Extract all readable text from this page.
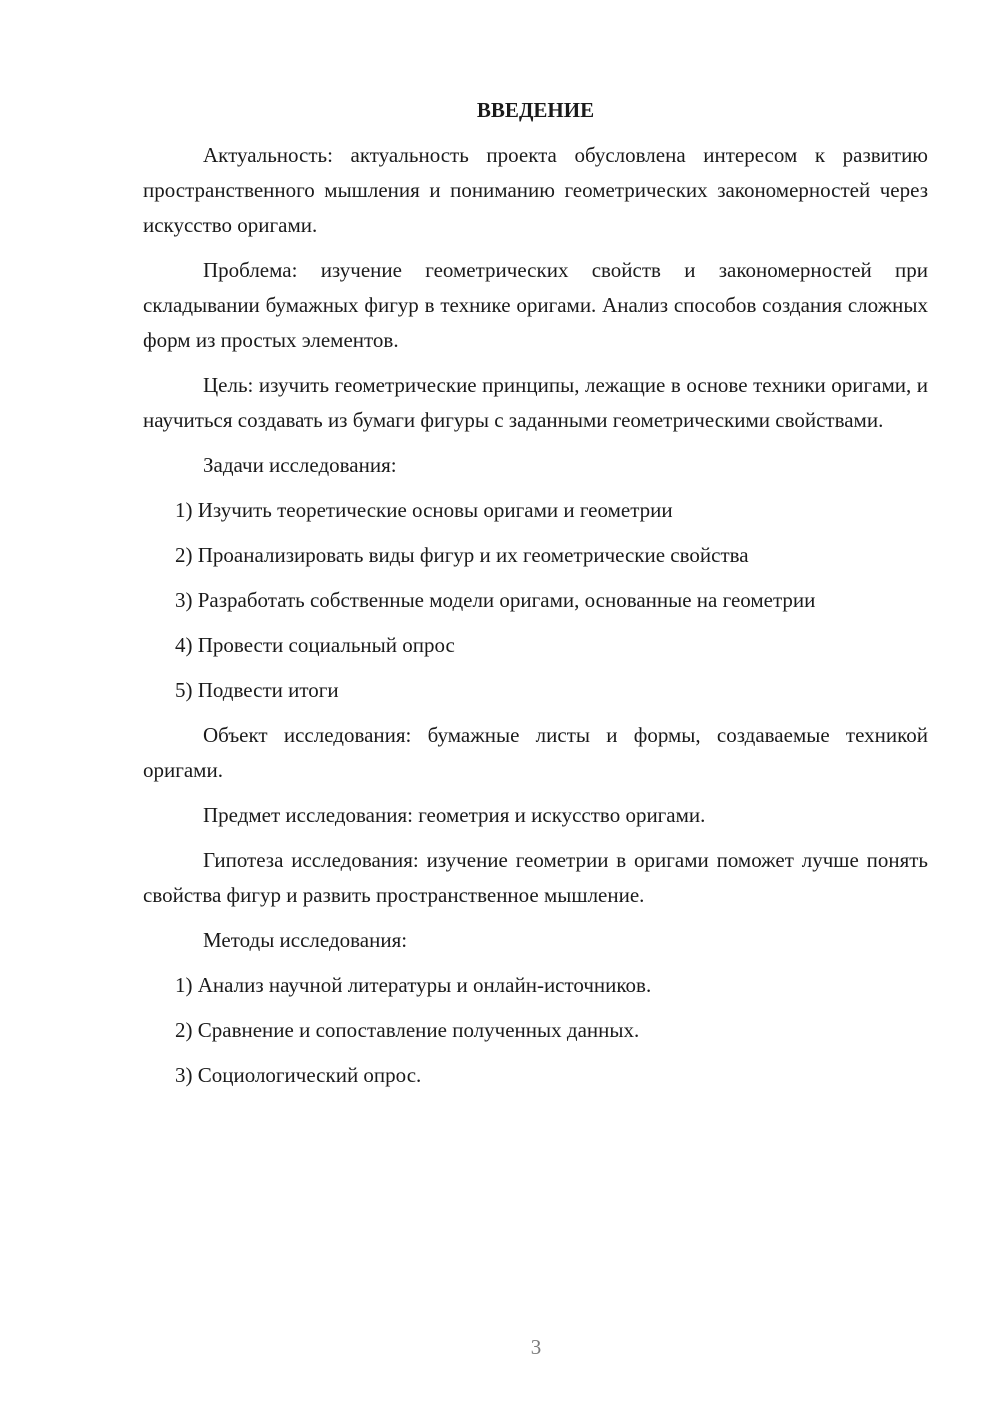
ВВЕДЕНИЕ

Актуальность: актуальность проекта обусловлена интересом к развитию пространственного мышления и пониманию геометрических закономерностей через искусство оригами.

Проблема: изучение геометрических свойств и закономерностей при складывании бумажных фигур в технике оригами. Анализ способов создания сложных форм из простых элементов.

Цель: изучить геометрические принципы, лежащие в основе техники оригами, и научиться создавать из бумаги фигуры с заданными геометрическими свойствами.

Задачи исследования:

1) Изучить теоретические основы оригами и геометрии

2) Проанализировать виды фигур и их геометрические свойства

3) Разработать собственные модели оригами, основанные на геометрии

4) Провести социальный опрос

5) Подвести итоги

Объект исследования: бумажные листы и формы, создаваемые техникой оригами.

Предмет исследования: геометрия и искусство оригами.

Гипотеза исследования: изучение геометрии в оригами поможет лучше понять свойства фигур и развить пространственное мышление.

Методы исследования:

1) Анализ научной литературы и онлайн-источников.

2) Сравнение и сопоставление полученных данных.

3) Социологический опрос.

3
